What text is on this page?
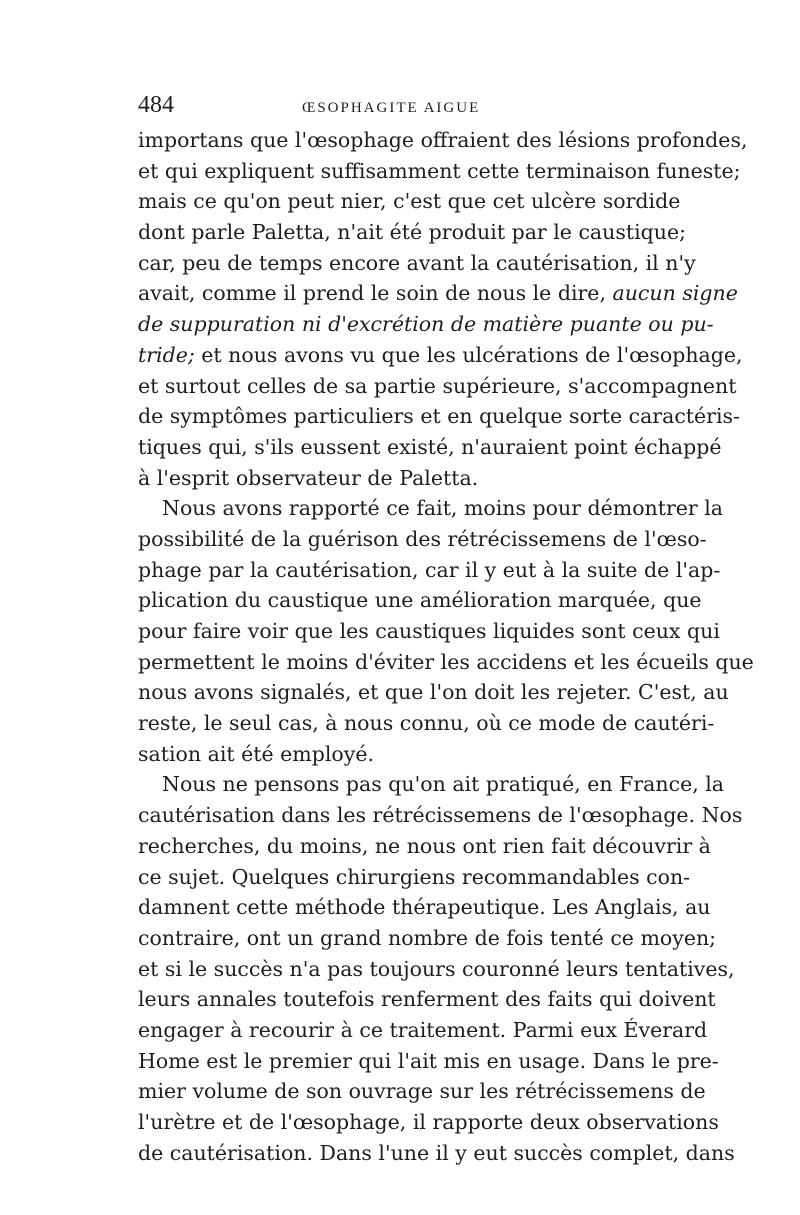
484	ŒSOPHAGITE AIGUE
importans que l'œsophage offraient des lésions profondes,
et qui expliquent suffisamment cette terminaison funeste;
mais ce qu'on peut nier, c'est que cet ulcère sordide
dont parle Paletta, n'ait été produit par le caustique;
car, peu de temps encore avant la cautérisation, il n'y
avait, comme il prend le soin de nous le dire, aucun signe
de suppuration ni d'excrétion de matière puante ou pu-
tride; et nous avons vu que les ulcérations de l'œsophage,
et surtout celles de sa partie supérieure, s'accompagnent
de symptômes particuliers et en quelque sorte caractéris-
tiques qui, s'ils eussent existé, n'auraient point échappé
à l'esprit observateur de Paletta.
Nous avons rapporté ce fait, moins pour démontrer la
possibilité de la guérison des rétrécissemens de l'œso-
phage par la cautérisation, car il y eut à la suite de l'ap-
plication du caustique une amélioration marquée, que
pour faire voir que les caustiques liquides sont ceux qui
permettent le moins d'éviter les accidens et les écueils que
nous avons signalés, et que l'on doit les rejeter. C'est, au
reste, le seul cas, à nous connu, où ce mode de cautéri-
sation ait été employé.
Nous ne pensons pas qu'on ait pratiqué, en France, la
cautérisation dans les rétrécissemens de l'œsophage. Nos
recherches, du moins, ne nous ont rien fait découvrir à
ce sujet. Quelques chirurgiens recommandables con-
damnent cette méthode thérapeutique. Les Anglais, au
contraire, ont un grand nombre de fois tenté ce moyen;
et si le succès n'a pas toujours couronné leurs tentatives,
leurs annales toutefois renferment des faits qui doivent
engager à recourir à ce traitement. Parmi eux Éverard
Home est le premier qui l'ait mis en usage. Dans le pre-
mier volume de son ouvrage sur les rétrécissemens de
l'urètre et de l'œsophage, il rapporte deux observations
de cautérisation. Dans l'une il y eut succès complet, dans
